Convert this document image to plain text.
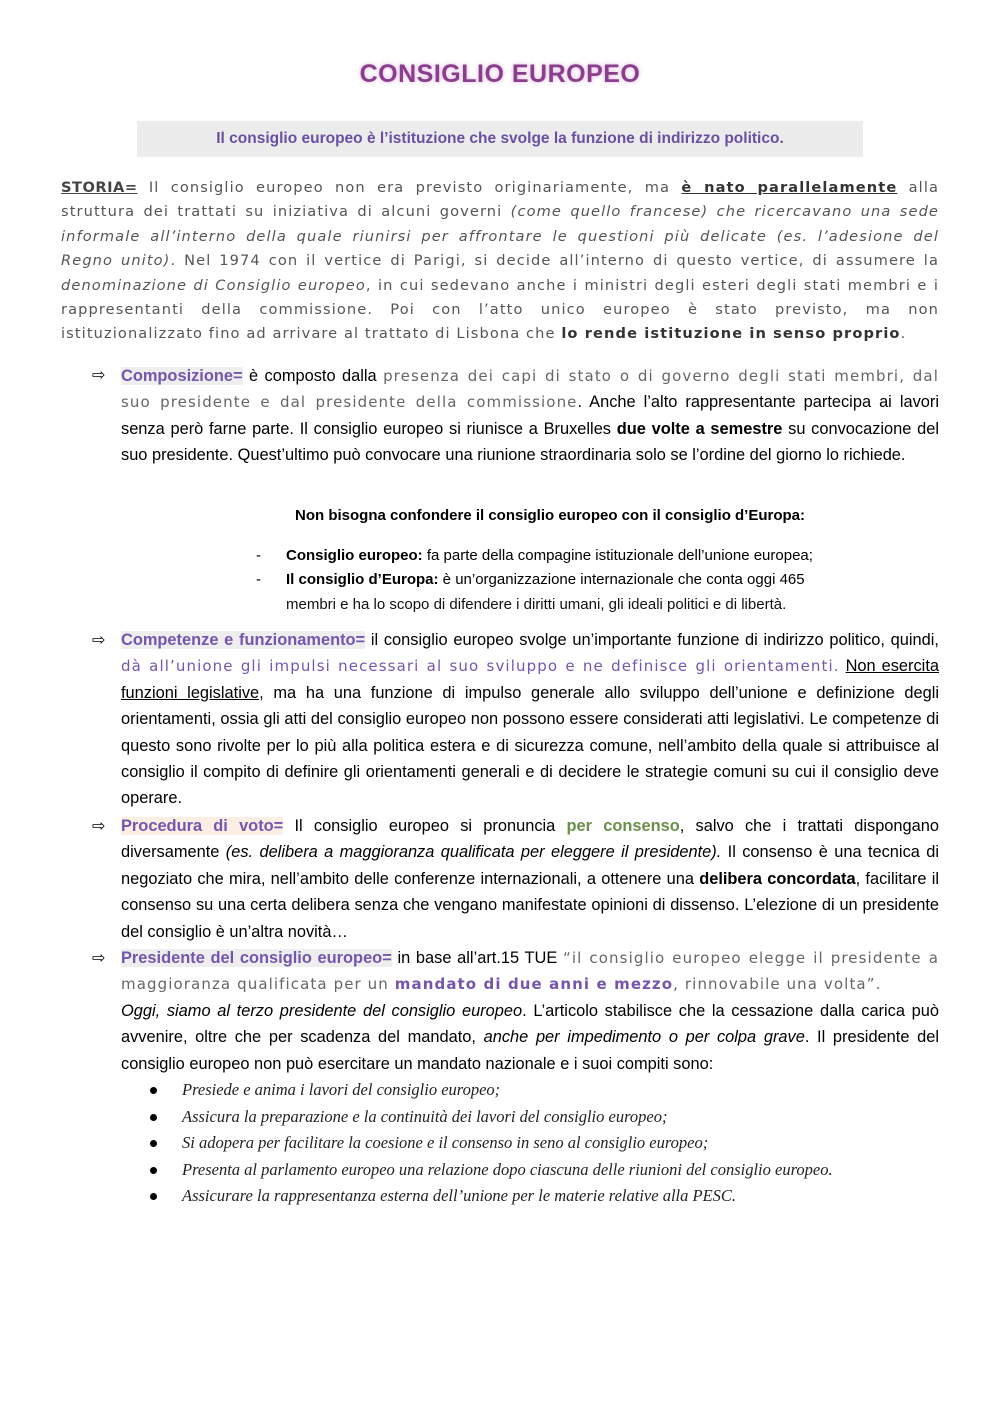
CONSIGLIO EUROPEO
Il consiglio europeo è l’istituzione che svolge la funzione di indirizzo politico.
STORIA= Il consiglio europeo non era previsto originariamente, ma è nato parallelamente alla struttura dei trattati su iniziativa di alcuni governi (come quello francese) che ricercavano una sede informale all’interno della quale riunirsi per affrontare le questioni più delicate (es. l’adesione del Regno unito). Nel 1974 con il vertice di Parigi, si decide all’interno di questo vertice, di assumere la denominazione di Consiglio europeo, in cui sedevano anche i ministri degli esteri degli stati membri e i rappresentanti della commissione. Poi con l’atto unico europeo è stato previsto, ma non istituzionalizzato fino ad arrivare al trattato di Lisbona che lo rende istituzione in senso proprio.
⇨ Composizione= è composto dalla presenza dei capi di stato o di governo degli stati membri, dal suo presidente e dal presidente della commissione. Anche l’alto rappresentante partecipa ai lavori senza però farne parte. Il consiglio europeo si riunisce a Bruxelles due volte a semestre su convocazione del suo presidente. Quest’ultimo può convocare una riunione straordinaria solo se l’ordine del giorno lo richiede.
Non bisogna confondere il consiglio europeo con il consiglio d’Europa:
- Consiglio europeo: fa parte della compagine istituzionale dell’unione europea;
- Il consiglio d’Europa: è un’organizzazione internazionale che conta oggi 465
membri e ha lo scopo di difendere i diritti umani, gli ideali politici e di libertà.
⇨ Competenze e funzionamento= il consiglio europeo svolge un’importante funzione di indirizzo politico, quindi, dà all’unione gli impulsi necessari al suo sviluppo e ne definisce gli orientamenti. Non esercita funzioni legislative, ma ha una funzione di impulso generale allo sviluppo dell’unione e definizione degli orientamenti, ossia gli atti del consiglio europeo non possono essere considerati atti legislativi. Le competenze di questo sono rivolte per lo più alla politica estera e di sicurezza comune, nell’ambito della quale si attribuisce al consiglio il compito di definire gli orientamenti generali e di decidere le strategie comuni su cui il consiglio deve operare.
⇨ Procedura di voto= Il consiglio europeo si pronuncia per consenso, salvo che i trattati dispongano diversamente (es. delibera a maggioranza qualificata per eleggere il presidente). Il consenso è una tecnica di negoziato che mira, nell’ambito delle conferenze internazionali, a ottenere una delibera concordata, facilitare il consenso su una certa delibera senza che vengano manifestate opinioni di dissenso. L’elezione di un presidente del consiglio è un’altra novità…
⇨ Presidente del consiglio europeo= in base all’art.15 TUE “il consiglio europeo elegge il presidente a maggioranza qualificata per un mandato di due anni e mezzo, rinnovabile una volta”.
Oggi, siamo al terzo presidente del consiglio europeo. L’articolo stabilisce che la cessazione dalla carica può avvenire, oltre che per scadenza del mandato, anche per impedimento o per colpa grave. Il presidente del consiglio europeo non può esercitare un mandato nazionale e i suoi compiti sono:
Presiede e anima i lavori del consiglio europeo;
Assicura la preparazione e la continuità dei lavori del consiglio europeo;
Si adopera per facilitare la coesione e il consenso in seno al consiglio europeo;
Presenta al parlamento europeo una relazione dopo ciascuna delle riunioni del consiglio europeo.
Assicurare la rappresentanza esterna dell’unione per le materie relative alla PESC.
